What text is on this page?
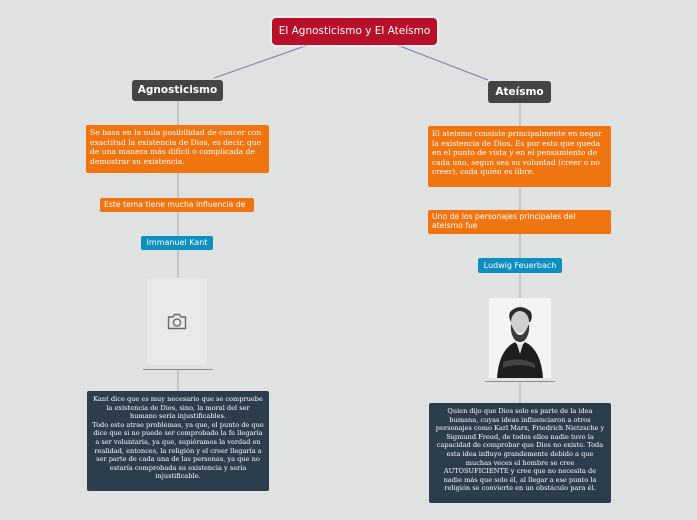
El Agnosticismo y El Ateísmo
Agnosticismo
Se basa en la nula posibilidad de concer con exactitud la existencia de Dios, es decir, que de una manera más difícil o complicada de demostrar su existencia.
Este tema tiene mucha influencia de
Immanuel Kant
Kant dice que es muy necesario que se compruebe la existencia de Dios, sino, la moral del ser humano sería injustificables.
Todo esto atrae problemas, ya que, el punto de que dice que si no puede ser comprobado la fe llegaría a ser voluntaria, ya que, supiéramos la verdad en realidad, entonces, la religión y el creer llegaría a ser parte de cada una de las personas, ya que no estaría comprobada su existencia y sería injustificable.
Ateísmo
El ateismo consiste principalmente en negar la existencia de Dios. Es por esto que queda en el punto de vista y en el pensamiento de cada uno, segun sea su voluntad (creer o no creer), cada quién es libre.
Uno de los personajes principales del ateismo fue
Ludwig Feuerbach
Quien dijo que Dios solo es parte de la idea humana, cuyas ideas influenciaron a otros personajes como Karl Marx, Friedrich Nietzsche y Sigmund Freud, de todos ellos nadie tuvo la capacidad de comprobar que Dios no existe. Toda esta idea influyo grandemente debido a que muchas veces el hombre se cree AUTOSUFICIENTE y cree que no necesita de nadie más que solo él, al llegar a ese punto la religión se convierte en un obstáculo para él.
